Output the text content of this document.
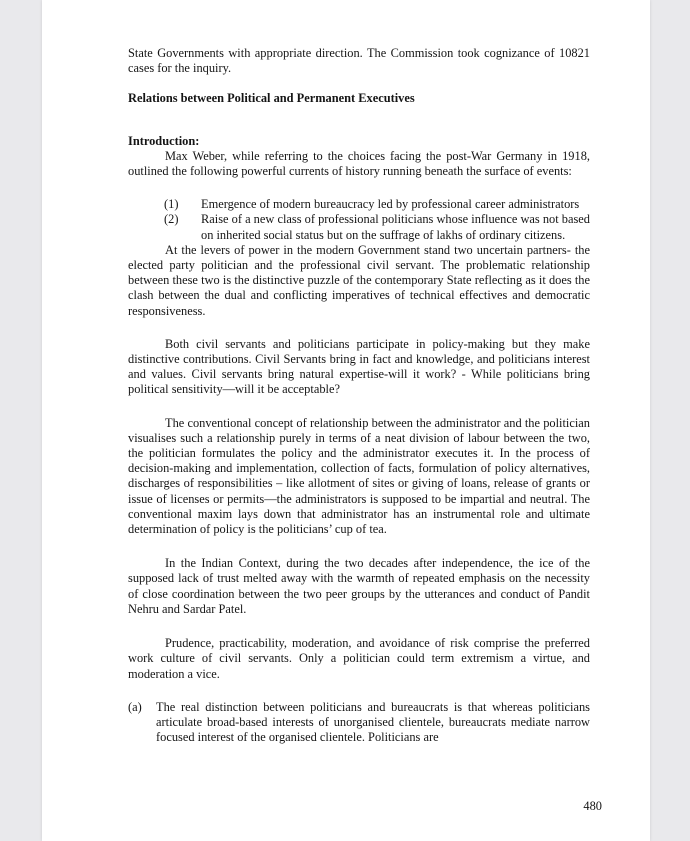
State Governments with appropriate direction. The Commission took cognizance of 10821 cases for the inquiry.

Relations between Political and Permanent Executives

Introduction:

Max Weber, while referring to the choices facing the post-War Germany in 1918, outlined the following powerful currents of history running beneath the surface of events:

(1)	Emergence of modern bureaucracy led by professional career administrators
(2)	Raise of a new class of professional politicians whose influence was not based on inherited social status but on the suffrage of lakhs of ordinary citizens.

At the levers of power in the modern Government stand two uncertain partners- the elected party politician and the professional civil servant. The problematic relationship between these two is the distinctive puzzle of the contemporary State reflecting as it does the clash between the dual and conflicting imperatives of technical effectives and democratic responsiveness.

Both civil servants and politicians participate in policy-making but they make distinctive contributions. Civil Servants bring in fact and knowledge, and politicians interest and values. Civil servants bring natural expertise-will it work? - While politicians bring political sensitivity—will it be acceptable?

The conventional concept of relationship between the administrator and the politician visualises such a relationship purely in terms of a neat division of labour between the two, the politician formulates the policy and the administrator executes it. In the process of decision-making and implementation, collection of facts, formulation of policy alternatives, discharges of responsibilities – like allotment of sites or giving of loans, release of grants or issue of licenses or permits—the administrators is supposed to be impartial and neutral. The conventional maxim lays down that administrator has an instrumental role and ultimate determination of policy is the politicians’ cup of tea.

In the Indian Context, during the two decades after independence, the ice of the supposed lack of trust melted away with the warmth of repeated emphasis on the necessity of close coordination between the two peer groups by the utterances and conduct of Pandit Nehru and Sardar Patel.

Prudence, practicability, moderation, and avoidance of risk comprise the preferred work culture of civil servants. Only a politician could term extremism a virtue, and moderation a vice.

(a)	The real distinction between politicians and bureaucrats is that whereas politicians articulate broad-based interests of unorganised clientele, bureaucrats mediate narrow focused interest of the organised clientele. Politicians are
480
